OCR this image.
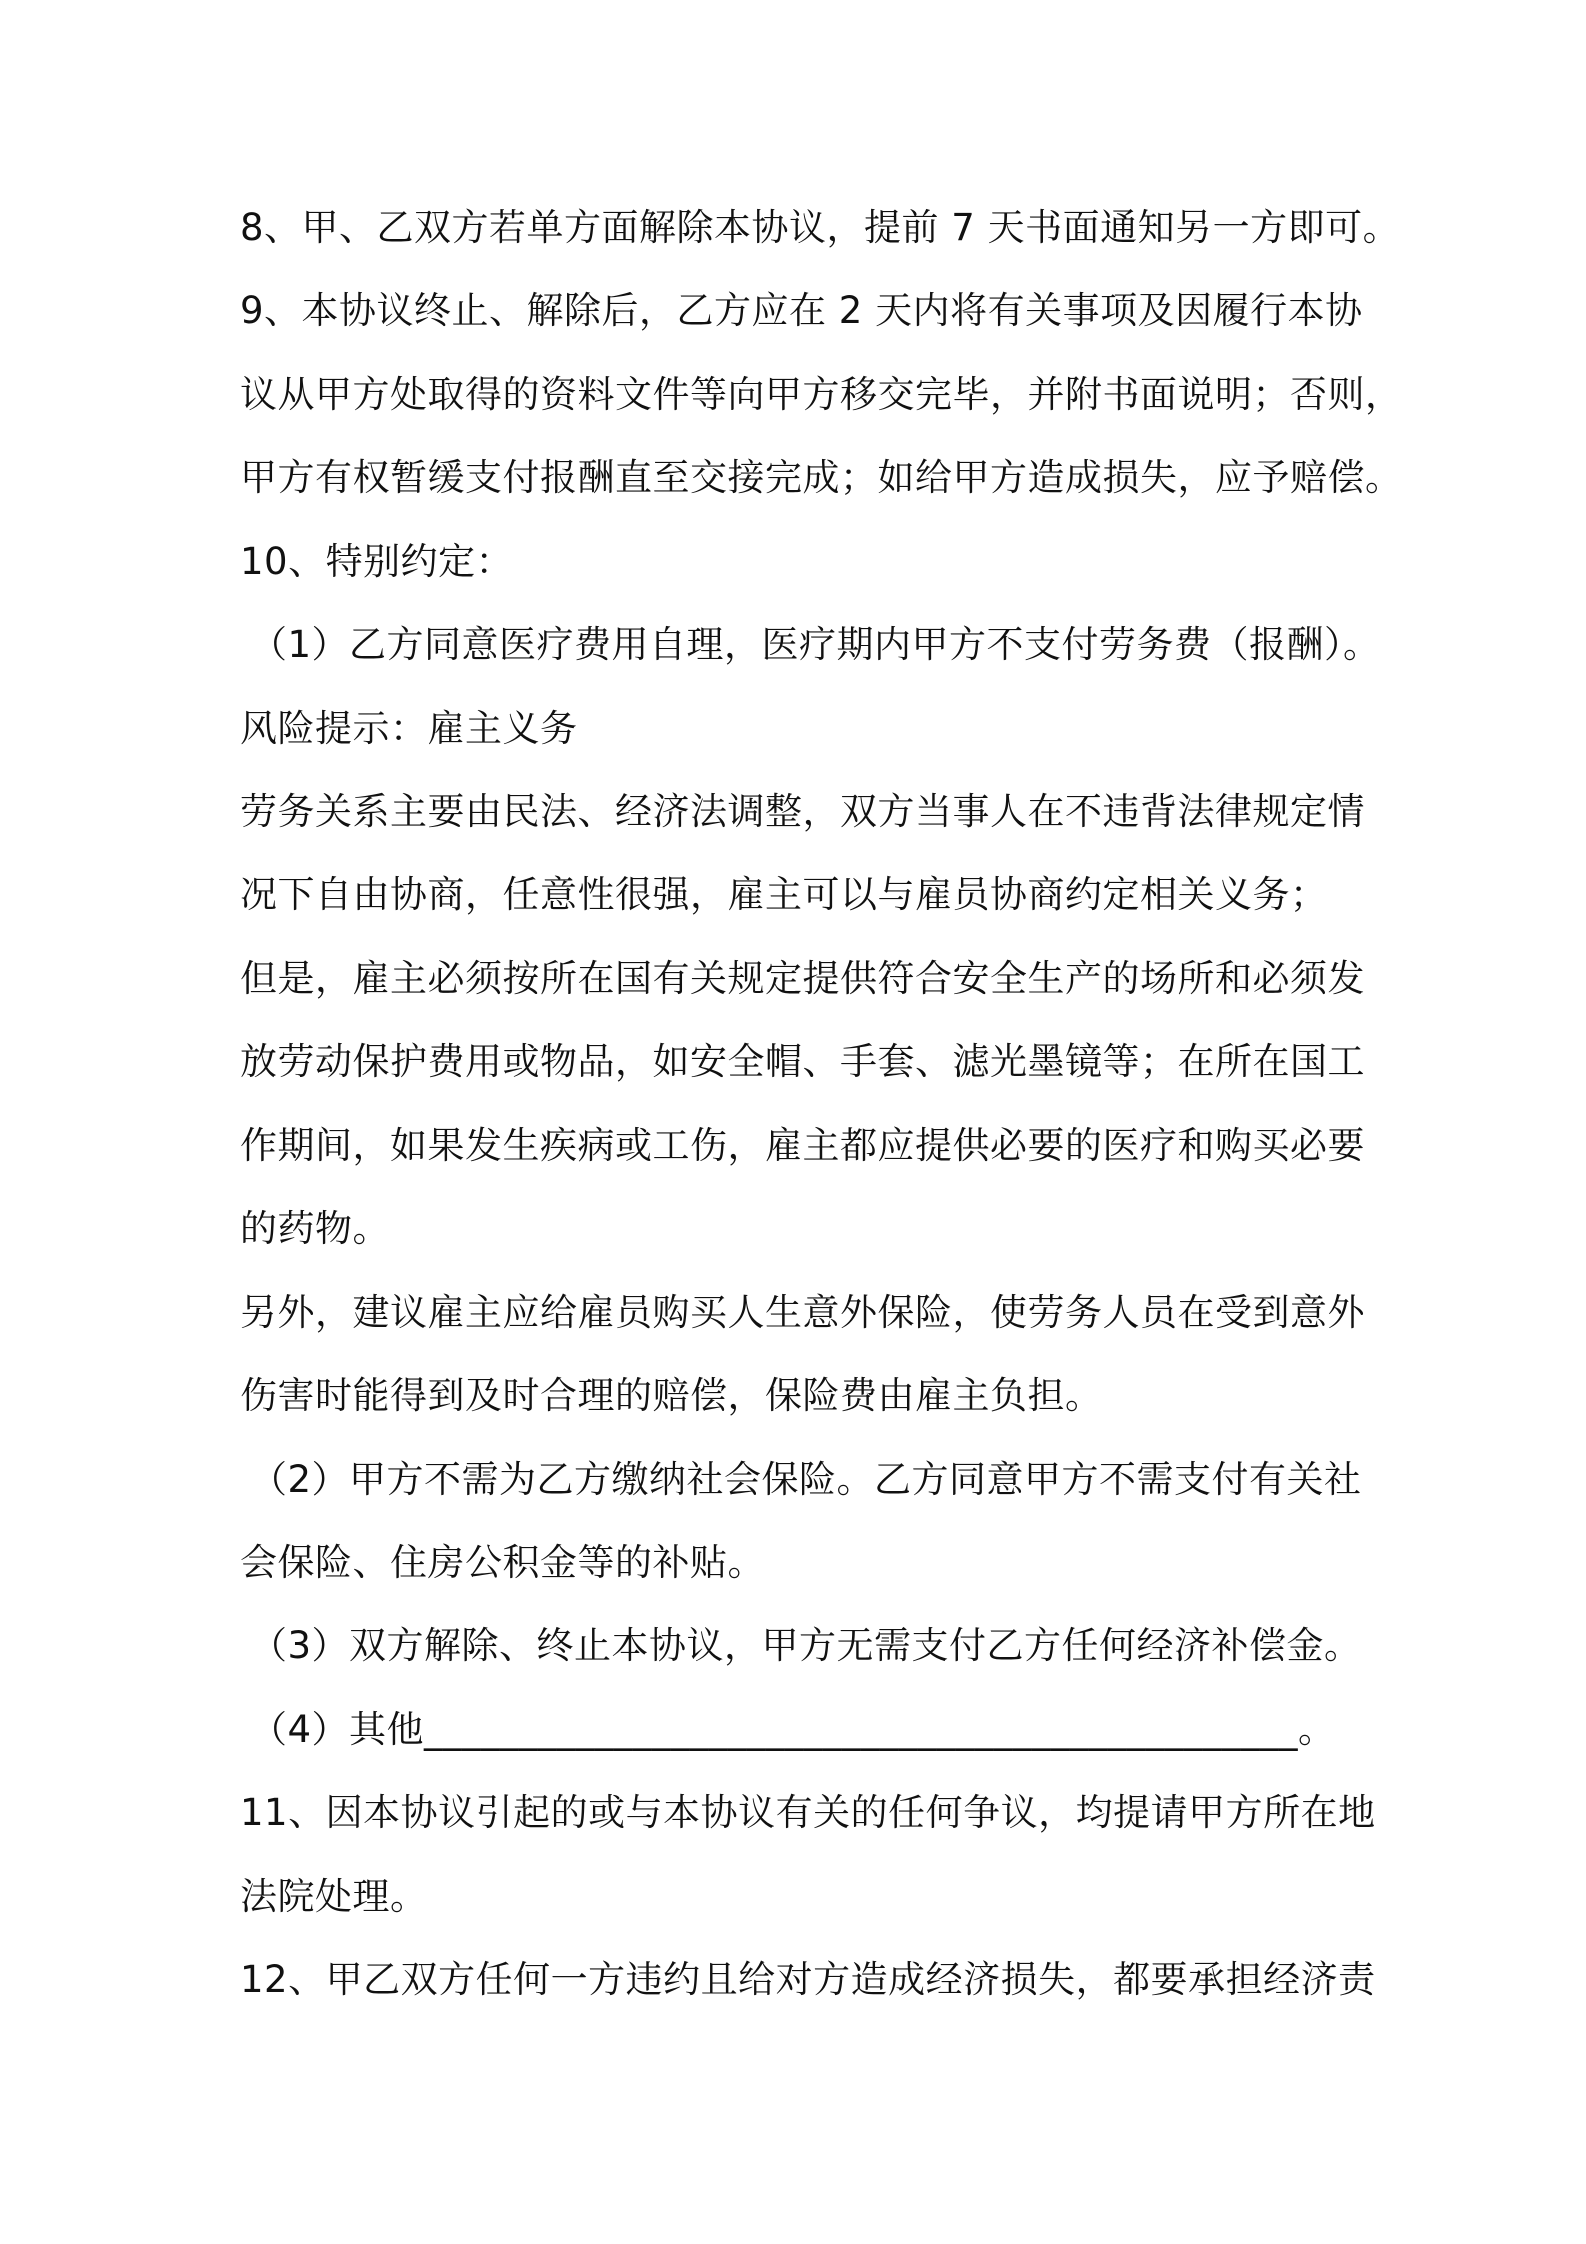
8、甲、乙双方若单方面解除本协议，提前 7 天书面通知另一方即可。
9、本协议终止、解除后，乙方应在 2 天内将有关事项及因履行本协
议从甲方处取得的资料文件等向甲方移交完毕，并附书面说明；否则，
甲方有权暂缓支付报酬直至交接完成；如给甲方造成损失，应予赔偿。
10、特别约定：
（1）乙方同意医疗费用自理，医疗期内甲方不支付劳务费（报酬）。
风险提示：雇主义务
劳务关系主要由民法、经济法调整，双方当事人在不违背法律规定情
况下自由协商，任意性很强，雇主可以与雇员协商约定相关义务；
但是，雇主必须按所在国有关规定提供符合安全生产的场所和必须发
放劳动保护费用或物品，如安全帽、手套、滤光墨镜等；在所在国工
作期间，如果发生疾病或工伤，雇主都应提供必要的医疗和购买必要
的药物。
另外，建议雇主应给雇员购买人生意外保险，使劳务人员在受到意外
伤害时能得到及时合理的赔偿，保险费由雇主负担。
（2）甲方不需为乙方缴纳社会保险。乙方同意甲方不需支付有关社
会保险、住房公积金等的补贴。
（3）双方解除、终止本协议，甲方无需支付乙方任何经济补偿金。
（4）其他______________________________________________。
11、因本协议引起的或与本协议有关的任何争议，均提请甲方所在地
法院处理。
12、甲乙双方任何一方违约且给对方造成经济损失，都要承担经济责
